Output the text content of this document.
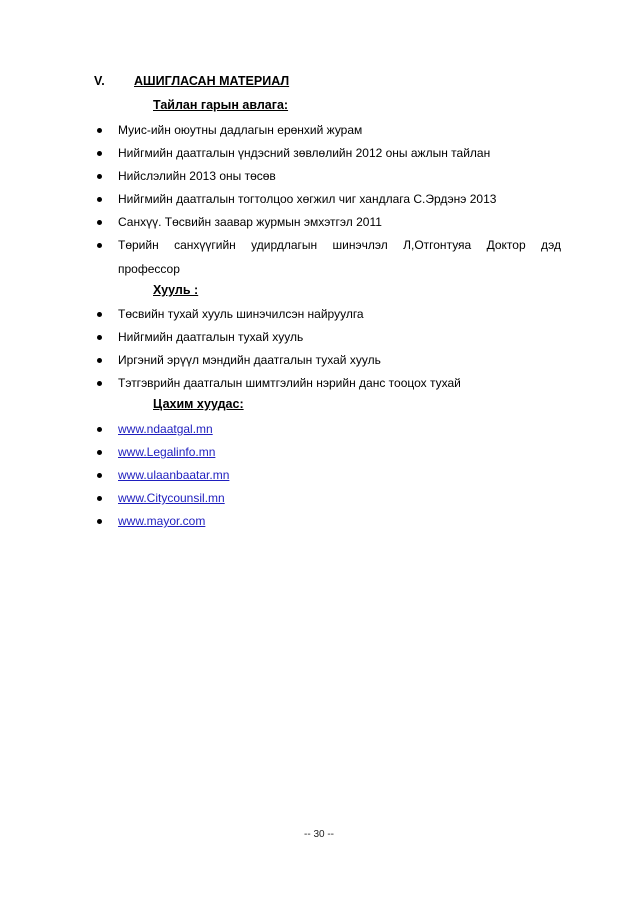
V. АШИГЛАСАН МАТЕРИАЛ
Тайлан гарын авлага:
Муис-ийн оюутны дадлагын ерөнхий журам
Нийгмийн даатгалын үндэсний зөвлөлийн 2012 оны ажлын тайлан
Нийслэлийн 2013 оны төсөв
Нийгмийн даатгалын тогтолцоо хөгжил чиг хандлага С.Эрдэнэ 2013
Санхүү. Төсвийн заавар журмын эмхэтгэл 2011
Төрийн санхүүгийн удирдлагын шинэчлэл Л,Отгонтуяа Доктор дэд
профессор
Хууль :
Төсвийн тухай хууль шинэчилсэн найруулга
Нийгмийн даатгалын тухай хууль
Иргэний эрүүл мэндийн даатгалын тухай хууль
Тэтгэврийн даатгалын шимтгэлийн нэрийн данс тооцох тухай
Цахим хуудас:
www.ndaatgal.mn
www.Legalinfo.mn
www.ulaanbaatar.mn
www.Citycounsil.mn
www.mayor.com
-- 30 --
